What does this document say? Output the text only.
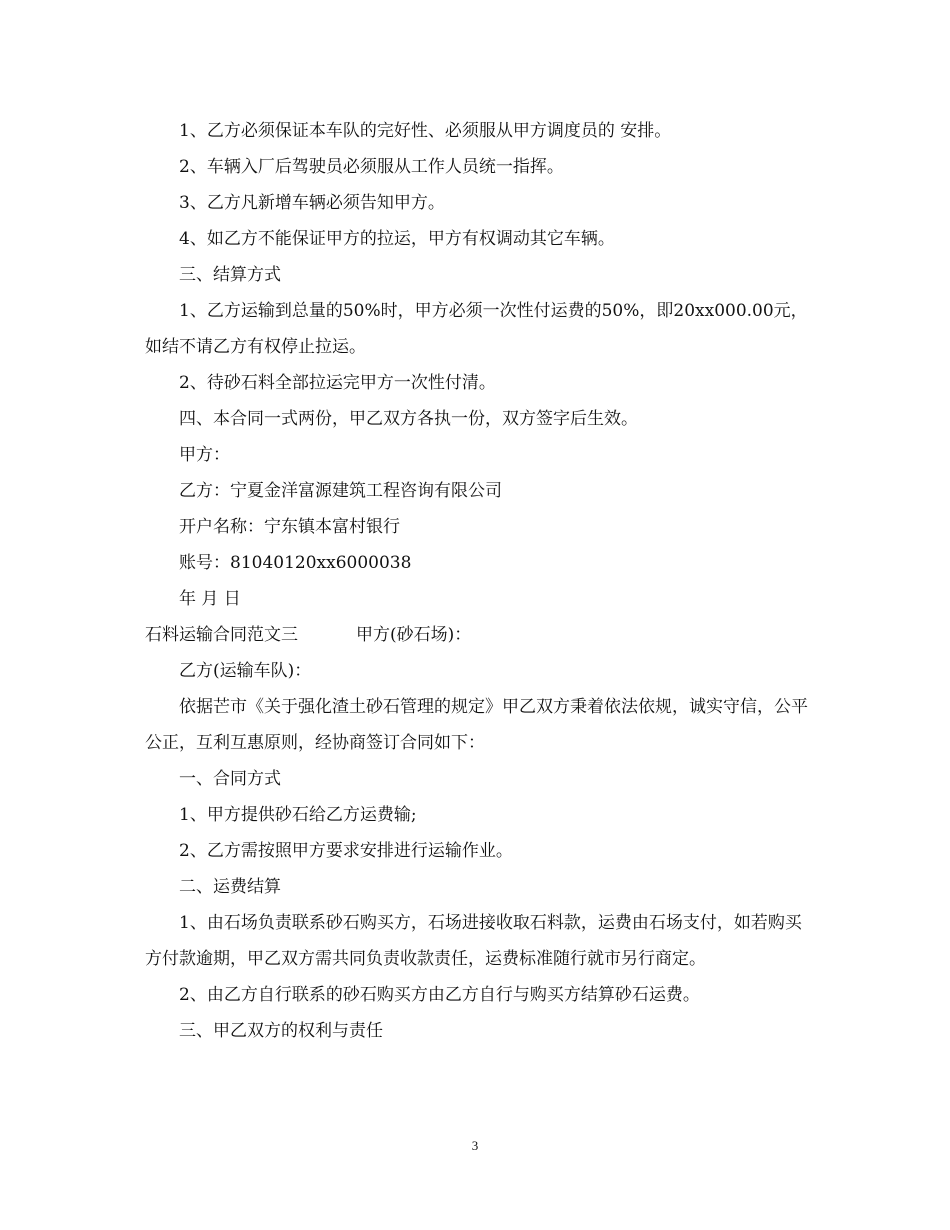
1、乙方必须保证本车队的完好性、必须服从甲方调度员的 安排。

2、车辆入厂后驾驶员必须服从工作人员统一指挥。

3、乙方凡新增车辆必须告知甲方。

4、如乙方不能保证甲方的拉运，甲方有权调动其它车辆。

三、结算方式

1、乙方运输到总量的50%时，甲方必须一次性付运费的50%，即20xx000.00元，如结不请乙方有权停止拉运。

2、待砂石料全部拉运完甲方一次性付清。

四、本合同一式两份，甲乙双方各执一份，双方签字后生效。

甲方：

乙方：宁夏金洋富源建筑工程咨询有限公司

开户名称：宁东镇本富村银行

账号：81040120xx6000038

年 月 日

石料运输合同范文三	甲方(砂石场)：

乙方(运输车队)：

依据芒市《关于强化渣土砂石管理的规定》甲乙双方秉着依法依规，诚实守信，公平公正，互利互惠原则，经协商签订合同如下：

一、合同方式

1、甲方提供砂石给乙方运费输;

2、乙方需按照甲方要求安排进行运输作业。

二、运费结算

1、由石场负责联系砂石购买方，石场进接收取石料款，运费由石场支付，如若购买方付款逾期，甲乙双方需共同负责收款责任，运费标准随行就市另行商定。

2、由乙方自行联系的砂石购买方由乙方自行与购买方结算砂石运费。

三、甲乙双方的权利与责任

3
